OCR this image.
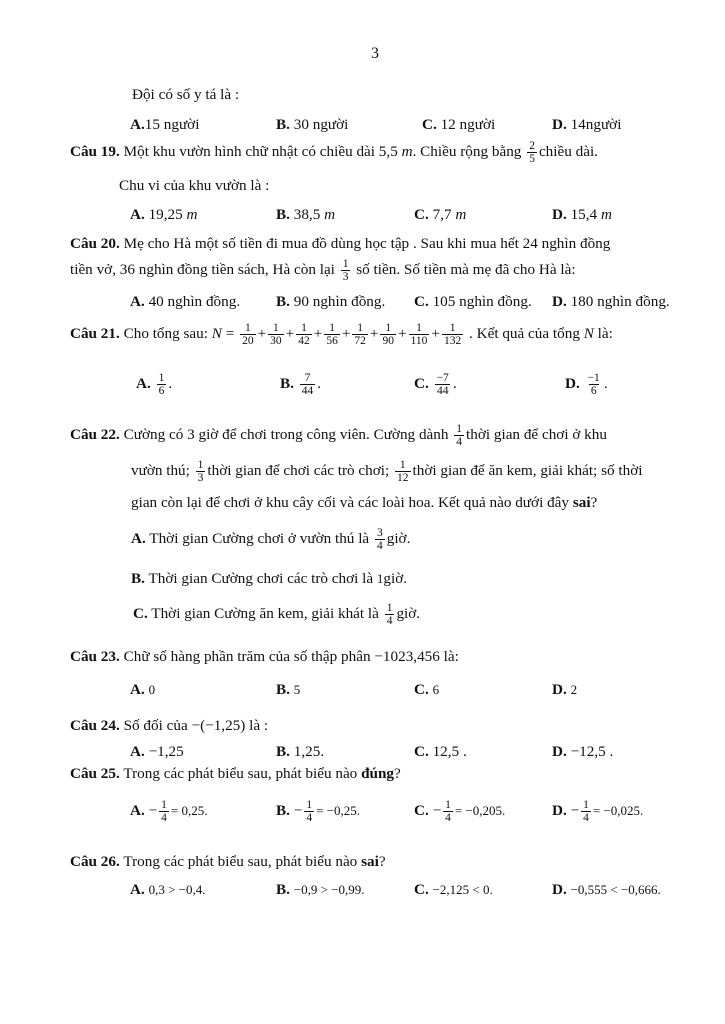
3
Đội có số y tá là :
A.15 người	B. 30 người	C. 12 người	D. 14người
Câu 19. Một khu vườn hình chữ nhật có chiều dài 5,5 m. Chiều rộng bằng $\frac{2}{5}$ chiều dài.
Chu vi của khu vườn là :
A. 19,25 m	B. 38,5 m	C. 7,7 m	D. 15,4 m
Câu 20. Mẹ cho Hà một số tiền đi mua đồ dùng học tập . Sau khi mua hết 24 nghìn đồng
tiền vở, 36 nghìn đồng tiền sách, Hà còn lại $\frac{1}{3}$ số tiền. Số tiền mà mẹ đã cho Hà là:
A. 40 nghìn đồng. B. 90 nghìn đồng. C. 105 nghìn đồng. D. 180 nghìn đồng.
Câu 21. Cho tổng sau: $N = \frac{1}{20} + \frac{1}{30} + \frac{1}{42} + \frac{1}{56} + \frac{1}{72} + \frac{1}{90} + \frac{1}{110} + \frac{1}{132}$ . Kết quả của tổng N là:
A. $\frac{1}{6}$ .	B. $\frac{7}{44}$ .	C. $\frac{-7}{44}$ .	D. $\frac{-1}{6}$ .
Câu 22. Cường có 3 giờ để chơi trong công viên. Cường dành $\frac{1}{4}$ thời gian để chơi ở khu
vườn thú; $\frac{1}{3}$ thời gian để chơi các trò chơi; $\frac{1}{12}$ thời gian để ăn kem, giải khát; số thời
gian còn lại để chơi ở khu cây cối và các loài hoa. Kết quả nào dưới đây sai?
A. Thời gian Cường chơi ở vườn thú là $\frac{3}{4}$ giờ.
B. Thời gian Cường chơi các trò chơi là 1giờ.
C. Thời gian Cường ăn kem, giải khát là $\frac{1}{4}$ giờ.
Câu 23. Chữ số hàng phần trăm của số thập phân −1023,456 là:
A. 0	B. 5	C. 6	D. 2
Câu 24. Số đối của −(−1,25) là :
A. −1,25	B. 1,25.	C. 12,5 .	D. −12,5 .
Câu 25. Trong các phát biểu sau, phát biểu nào đúng?
A. − $\frac{1}{4} = 0,25$.	B. − $\frac{1}{4} = -0,25$.	C. − $\frac{1}{4} = -0,205$.	D. − $\frac{1}{4} = -0,025$.
Câu 26. Trong các phát biểu sau, phát biểu nào sai?
A. 0,3 > −0,4.	B. −0,9 > −0,99.	C. −2,125 < 0.	D. −0,555 < −0,666.
